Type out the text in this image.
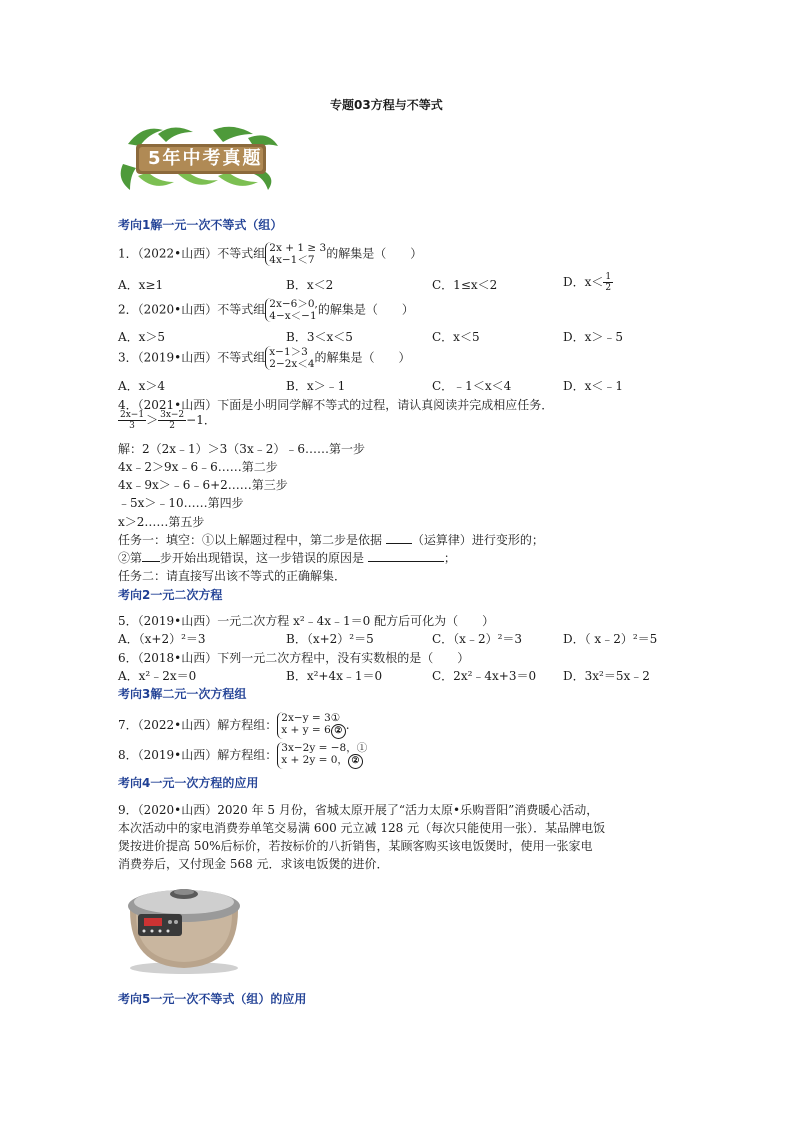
专题03方程与不等式
5年中考真题
考向1解一元一次不等式（组）
1．（2022•山西）不等式组 2x + 1 ≥ 3
4x−1＜7 的解集是（　　）
A．x≥1	B．x＜2	C．1≤x＜2	D．$x< \frac{1}{2}$
2．（2020•山西）不等式组 2x−6＞0,
4−x＜−1 的解集是（　　）
A．x＞5	B．3＜x＜5	C．x＜5	D．x＞﹣5
3．（2019•山西）不等式组 x−1＞3
2−2x＜4 的解集是（　　）
A．x＞4	B．x＞﹣1	C．﹣1＜x＜4	D．x＜﹣1
4．（2021•山西）下面是小明同学解不等式的过程，请认真阅读并完成相应任务．
$\frac{2x-1}{3} > \frac{3x-2}{2} -1$．
解：2（2x﹣1）＞3（3x﹣2）﹣6……第一步
4x﹣2＞9x﹣6﹣6……第二步
4x﹣9x＞﹣6﹣6+2……第三步
﹣5x＞﹣10……第四步
x＞2……第五步
任务一：填空：①以上解题过程中，第二步是依据 （运算律）进行变形的；
②第 步开始出现错误，这一步错误的原因是	；
任务二：请直接写出该不等式的正确解集．
考向2一元二次方程
5．（2019•山西）一元二次方程 x²﹣4x﹣1＝0 配方后可化为（　　）
A．（x+2）²＝3	B．（x+2）²＝5	C．（x﹣2）²＝3	D．（ x﹣2）²＝5
6．（2018•山西）下列一元二次方程中，没有实数根的是（　　）
A．x²﹣2x＝0	B．x²+4x﹣1＝0	C．2x²﹣4x+3＝0 D．3x²＝5x﹣2
考向3解二元一次方程组
7．（2022•山西）解方程组： 2x−y = 3①
x + y = 6 ② .
8．（2019•山西）解方程组： 3x−2y = −8，①
x + 2y = 0， ②
考向4一元一次方程的应用
9．（2020•山西）2020 年 5 月份，省城太原开展了“活力太原•乐购晋阳”消费暖心活动，
本次活动中的家电消费券单笔交易满 600 元立减 128 元（每次只能使用一张）．某品牌电饭
煲按进价提高 50%后标价，若按标价的八折销售，某顾客购买该电饭煲时，使用一张家电
消费券后，又付现金 568 元．求该电饭煲的进价．
考向5一元一次不等式（组）的应用
